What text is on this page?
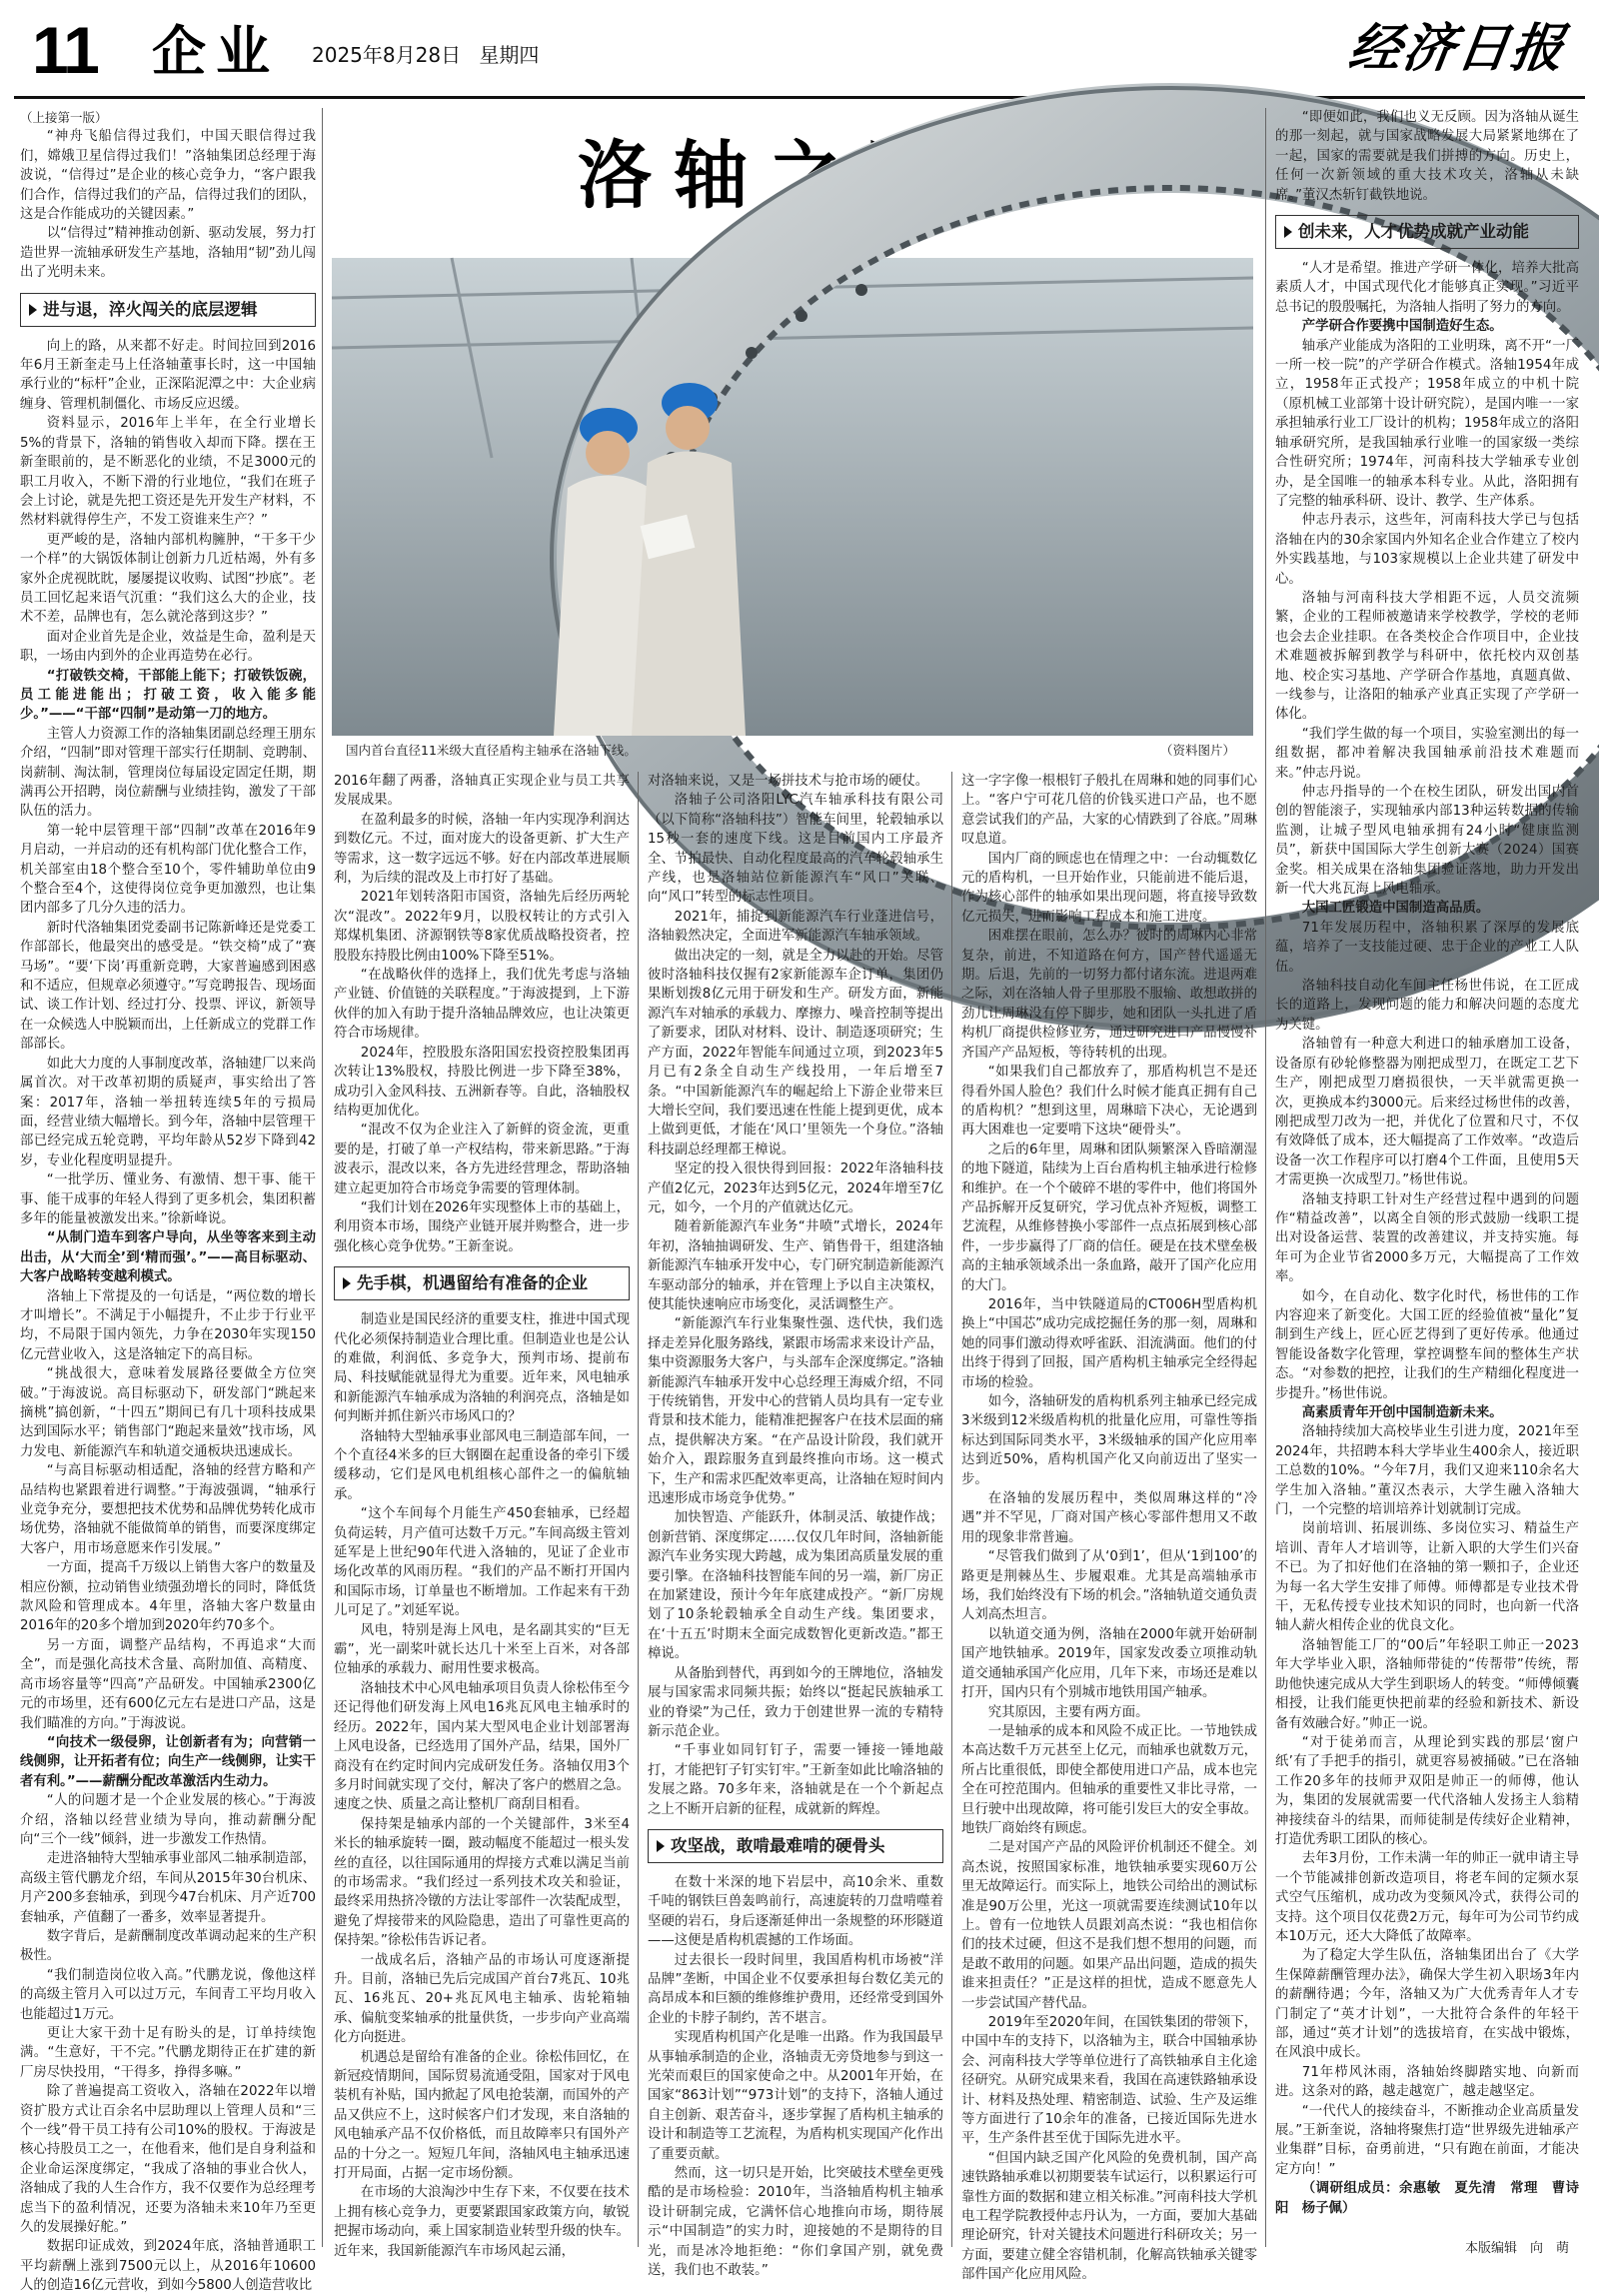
11 企业 2025年8月28日 星期四	经济日报

（上接第一版）

“神舟飞船信得过我们，中国天眼信得过我们，嫦娥卫星信得过我们！”洛轴集团总经理于海波说，“信得过”是企业的核心竞争力，“客户跟我们合作，信得过我们的产品，信得过我们的团队，这是合作能成功的关键因素。”

以“信得过”精神推动创新、驱动发展，努力打造世界一流轴承研发生产基地，洛轴用“韧”劲儿闯出了光明未来。

进与退，淬火闯关的底层逻辑

向上的路，从来都不好走。时间拉回到2016年6月王新奎走马上任洛轴董事长时，这一中国轴承行业的“标杆”企业，正深陷泥潭之中：大企业病缠身、管理机制僵化、市场反应迟缓。

资料显示，2016年上半年，在全行业增长5%的背景下，洛轴的销售收入却而下降。摆在王新奎眼前的，是不断恶化的业绩，不足3000元的职工月收入，不断下滑的行业地位，“我们在班子会上讨论，就是先把工资还是先开发生产材料，不然材料就得停生产，不发工资谁来生产？”

更严峻的是，洛轴内部机构臃肿，“干多干少一个样”的大锅饭体制让创新力几近枯竭，外有多家外企虎视眈眈，屡屡提议收购、试图“抄底”。老员工回忆起来语气沉重：“我们这么大的企业，技术不差，品牌也有，怎么就沦落到这步？”

面对企业首先是企业，效益是生命，盈利是天职，一场由内到外的企业再造势在必行。

“打破铁交椅，干部能上能下；打破铁饭碗，员工能进能出；打破工资，收入能多能少。”——“干部“四制”是动第一刀的地方。

主管人力资源工作的洛轴集团副总经理王朋东介绍，“四制”即对管理干部实行任期制、竞聘制、岗薪制、淘汰制，管理岗位每届设定固定任期，期满再公开招聘，岗位薪酬与业绩挂钩，激发了干部队伍的活力。

第一轮中层管理干部“四制”改革在2016年9月启动，一并启动的还有机构部门优化整合工作，机关部室由18个整合至10个，零件辅助单位由9个整合至4个，这使得岗位竞争更加激烈，也让集团内部多了几分久违的活力。

新时代洛轴集团党委副书记陈新峰还是党委工作部部长，他最突出的感受是。“铁交椅”成了“赛马场”。“要‘下岗’再重新竞聘，大家普遍感到困惑和不适应，但规章必须遵守。”写竞聘报告、现场面试、谈工作计划、经过打分、投票、评议，新领导在一众候选人中脱颖而出，上任新成立的党群工作部部长。

如此大力度的人事制度改革，洛轴建厂以来尚属首次。对干改革初期的质疑声，事实给出了答案：2017年，洛轴一举扭转连续5年的亏损局面，经营业绩大幅增长。到今年，洛轴中层管理干部已经完成五轮竞聘，平均年龄从52岁下降到42岁，专业化程度明显提升。

“一批学历、懂业务、有激情、想干事、能干事、能干成事的年轻人得到了更多机会，集团积蓄多年的能量被激发出来。”徐新峰说。

“从制门造车到客户导向，从坐等客来到主动出击，从‘大而全’到‘精而强’。”——高目标驱动、大客户战略转变越利模式。

洛轴上下常提及的一句话是，“两位数的增长才叫增长”。不满足于小幅提升，不止步于行业平均，不局限于国内领先，力争在2030年实现150亿元营业收入，这是洛轴定下的高目标。

“挑战很大，意味着发展路径要做全方位突破。”于海波说。高目标驱动下，研发部门“跳起来摘桃”搞创新，“十四五”期间已有几十项科技成果达到国际水平；销售部门“跑起来量效”找市场，风力发电、新能源汽车和轨道交通板块迅速成长。

“与高目标驱动相适配，洛轴的经营方略和产品结构也紧跟着进行调整。”于海波强调，“轴承行业竞争充分，要想把技术优势和品牌优势转化成市场优势，洛轴就不能做简单的销售，而要深度绑定大客户，用市场意愿来作引发展。”

一方面，提高千万级以上销售大客户的数量及相应份额，拉动销售业绩强劲增长的同时，降低货款风险和管理成本。4年里，洛轴大客户数量由2016年的20多个增加到2020年约70多个。

另一方面，调整产品结构，不再追求“大而全”，而是强化高技术含量、高附加值、高精度、高市场容量等“四高”产品研发。中国轴承2300亿元的市场里，还有600亿元左右是进口产品，这是我们瞄准的方向。”于海波说。

“向技术一级侵卵，让创新者有为；向营销一线侧卵，让开拓者有位；向生产一线侧卵，让实干者有利。”——薪酬分配改革激活内生动力。

“人的问题才是一个企业发展的核心。”于海波介绍，洛轴以经营业绩为导向，推动薪酬分配向“三个一线”倾斜，进一步激发工作热情。

走进洛轴特大型轴承事业部风二轴承制造部，高级主管代鹏龙介绍，车间从2015年30台机床、月产200多套轴承，到现今47台机床、月产近700套轴承，产值翻了一番多，效率显著提升。

数字背后，是薪酬制度改革调动起来的生产积极性。

“我们制造岗位收入高。”代鹏龙说，像他这样的高级主管月入可以过万元，车间青工平均月收入也能超过1万元。

更让大家干劲十足有盼头的是，订单持续饱满。“生意好，干不完。”代鹏龙期待正在扩建的新厂房尽快投用，“干得多，挣得多嘛。”

除了普遍提高工资收入，洛轴在2022年以增资扩股方式让百余名中层助理以上管理人员和“三个一线”骨干员工持有公司10%的股权。于海波是核心持股员工之一，在他看来，他们是自身利益和企业命运深度绑定，“我成了洛轴的事业合伙人，洛轴成了我的人生合作方，我不仅要作为总经理考虑当下的盈利情况，还要为洛轴未来10年乃至更久的发展操好舵。”

数据印证成效，到2024年底，洛轴普通职工平均薪酬上涨到7500元以上，从2016年10600人的创造16亿元营收，到如今5800人创造营收比

洛轴之路
国内首台直径11米级大直径盾构主轴承在洛轴下线。	（资料图片）

2016年翻了两番，洛轴真正实现企业与员工共享发展成果。

在盈利最多的时候，洛轴一年内实现净利润达到数亿元。不过，面对庞大的设备更新、扩大生产等需求，这一数字远远不够。好在内部改革进展顺利，为后续的混改及上市打好了基础。

2021年划转洛阳市国资，洛轴先后经历两轮次“混改”。2022年9月，以股权转让的方式引入郑煤机集团、济源钢铁等8家优质战略投资者，控股股东持股比例由100%下降至51%。

“在战略伙伴的选择上，我们优先考虑与洛轴产业链、价值链的关联程度。”于海波提到，上下游伙伴的加入有助于提升洛轴品牌效应，也让决策更符合市场规律。

2024年，控股股东洛阳国宏投资控股集团再次转让13%股权，持股比例进一步下降至38%，成功引入金风科技、五洲新春等。自此，洛轴股权结构更加优化。

“混改不仅为企业注入了新鲜的资金流，更重要的是，打破了单一产权结构，带来新思路。”于海波表示，混改以来，各方先进经营理念，帮助洛轴建立起更加符合市场竞争需要的管理体制。

“我们计划在2026年实现整体上市的基础上，利用资本市场，围绕产业链开展并购整合，进一步强化核心竞争优势。”王新奎说。

先手棋，机遇留给有准备的企业

制造业是国民经济的重要支柱，推进中国式现代化必须保持制造业合理比重。但制造业也是公认的难做，利润低、多竞争大，预判市场、提前布局、科技赋能就显得尤为重要。近年来，风电轴承和新能源汽车轴承成为洛轴的利润亮点，洛轴是如何判断并抓住新兴市场风口的？

洛轴特大型轴承事业部风电三制造部车间，一个个直径4米多的巨大钢圈在起重设备的牵引下缓缓移动，它们是风电机组核心部件之一的偏航轴承。

“这个车间每个月能生产450套轴承，已经超负荷运转，月产值可达数千万元。”车间高级主管刘延军是上世纪90年代进入洛轴的，见证了企业市场化改革的风雨历程。“我们的产品不断打开国内和国际市场，订单量也不断增加。工作起来有干劲儿可足了。”刘延军说。

风电，特别是海上风电，是名副其实的“巨无霸”，光一副桨叶就长达几十米至上百米，对各部位轴承的承载力、耐用性要求极高。

洛轴技术中心风电轴承项目负责人徐松伟至今还记得他们研发海上风电16兆瓦风电主轴承时的经历。2022年，国内某大型风电企业计划部署海上风电设备，已经选用了国外产品，结果，国外厂商没有在约定时间内完成研发任务。洛轴仅用3个多月时间就实现了交付，解决了客户的燃眉之急。速度之快、质量之高让整机厂商刮目相看。

保持架是轴承内部的一个关键部件，3米至4米长的轴承旋转一圈，跛动幅度不能超过一根头发丝的直径，以往国际通用的焊接方式难以满足当前的市场需求。“我们经过一系列技术攻关和验证，最终采用热挤冷镦的方法让零部件一次装配成型，避免了焊接带来的风险隐患，造出了可靠性更高的保持架。”徐松伟告诉记者。

一战成名后，洛轴产品的市场认可度逐渐提升。目前，洛轴已先后完成国产首台7兆瓦、10兆瓦、16兆瓦、20+兆瓦风电主轴承、齿轮箱轴承、偏航变桨轴承的批量供货，一步步向产业高端化方向挺进。

机遇总是留给有准备的企业。徐松伟回忆，在新冠疫情期间，国际贸易流通受阻，国家对于风电装机有补贴，国内掀起了风电抢装潮，而国外的产品又供应不上，这时候客户们才发现，来自洛轴的风电轴承产品不仅价格低，而且故障率只有国外产品的十分之一。短短几年间，洛轴风电主轴承迅速打开局面，占据一定市场份额。

在市场的大浪淘沙中生存下来，不仅要在技术上拥有核心竞争力，更要紧跟国家政策方向，敏锐把握市场动向，乘上国家制造业转型升级的快车。近年来，我国新能源汽车市场风起云涌，

对洛轴来说，又是一场拼技术与抢市场的硬仗。

洛轴子公司洛阳LYC汽车轴承科技有限公司（以下简称“洛轴科技”）智能车间里，轮毂轴承以15秒一套的速度下线。这是目前国内工序最齐全、节拍最快、自动化程度最高的汽车轮毂轴承生产线，也是洛轴站位新能源汽车“风口”关联、向“风口”转型的标志性项目。

2021年，捕捉到新能源汽车行业蓬进信号，洛轴毅然决定，全面进军新能源汽车轴承领域。

做出决定的一刻，就是全力以赴的开始。尽管彼时洛轴科技仅握有2家新能源车企订单，集团仍果断划拨8亿元用于研发和生产。研发方面，新能源汽车对轴承的承载力、摩擦力、噪音控制等提出了新要求，团队对材料、设计、制造逐项研究；生产方面，2022年智能车间通过立项，到2023年5月已有2条全自动生产线投用，一年后增至7条。“中国新能源汽车的崛起给上下游企业带来巨大增长空间，我们要迅速在性能上提到更优，成本上做到更低，才能在‘风口’里领先一个身位。”洛轴科技副总经理都王樟说。

坚定的投入很快得到回报：2022年洛轴科技产值2亿元，2023年达到5亿元，2024年增至7亿元，如今，一个月的产值就达亿元。

随着新能源汽车业务“井喷”式增长，2024年年初，洛轴抽调研发、生产、销售骨干，组建洛轴新能源汽车轴承开发中心，专门研究制造新能源汽车驱动部分的轴承，并在管理上予以自主决策权，使其能快速响应市场变化，灵活调整生产。

“新能源汽车行业集聚性强、迭代快，我们选择走差异化服务路线，紧跟市场需求来设计产品，集中资源服务大客户，与头部车企深度绑定。”洛轴新能源汽车轴承开发中心总经理王海威介绍，不同于传统销售，开发中心的营销人员均具有一定专业背景和技术能力，能精准把握客户在技术层面的痛点，提供解决方案。“在产品设计阶段，我们就开始介入，跟踪服务直到最终推向市场。这一模式下，生产和需求匹配效率更高，让洛轴在短时间内迅速形成市场竞争优势。”

加快智造、产能跃升，体制灵活、敏捷作战；创新营销、深度绑定……仅仅几年时间，洛轴新能源汽车业务实现大跨越，成为集团高质量发展的重要引擎。在洛轴科技智能车间的另一端，新厂房正在加紧建设，预计今年年底建成投产。“新厂房规划了10条轮毂轴承全自动生产线。集团要求，在‘十五五’时期末全面完成数智化更新改造。”都王樟说。

从备胎到替代，再到如今的王牌地位，洛轴发展与国家需求同频共振；始终以“挺起民族轴承工业的脊梁”为己任，致力于创建世界一流的专精特新示范企业。

“千事业如同钉钉子，需要一锤接一锤地敲打，才能把钉子钉实钉牢。”王新奎如此比喻洛轴的发展之路。70多年来，洛轴就是在一个个新起点之上不断开启新的征程，成就新的辉煌。

攻坚战，敢啃最难啃的硬骨头

在数十米深的地下岩层中，高10余米、重数千吨的钢铁巨兽轰鸣前行，高速旋转的刀盘啃噬着坚硬的岩石，身后逐渐延伸出一条规整的环形隧道——这便是盾构机震撼的工作场面。

过去很长一段时间里，我国盾构机市场被“洋品牌”垄断，中国企业不仅要承担每台数亿美元的高昂成本和巨额的维修维护费用，还经常受到国外企业的卡脖子制约，苦不堪言。

实现盾构机国产化是唯一出路。作为我国最早从事轴承制造的企业，洛轴责无旁贷地参与到这一光荣而艰巨的国家使命之中。从2001年开始，在国家“863计划”“973计划”的支持下，洛轴人通过自主创新、艰苦奋斗，逐步掌握了盾构机主轴承的设计和制造等工艺流程，为盾构机实现国产化作出了重要贡献。

然而，这一切只是开始，比突破技术壁垒更残酷的是市场检验：2010年，当洛轴盾构机主轴承设计研制完成，它满怀信心地推向市场，期待展示“中国制造”的实力时，迎接她的不是期待的目光，而是冰冷地拒绝：“你们拿国产别，就免费送，我们也不敢装。”

这一字字像一根根钉子般扎在周琳和她的同事们心上。“客户宁可花几倍的价钱买进口产品，也不愿意尝试我们的产品，大家的心情跌到了谷底。”周琳叹息道。

国内厂商的顾虑也在情理之中：一台动辄数亿元的盾构机，一旦开始作业，只能前进不能后退，作为核心部件的轴承如果出现问题，将直接导致数亿元损失，进而影响工程成本和施工进度。

困难摆在眼前，怎么办？彼时的周琳内心非常复杂，前进，不知道路在何方，国产替代遥遥无期。后退，先前的一切努力都付诸东流。进退两难之际，刘在洛轴人骨子里那股不服输、敢想敢拼的劲儿让周琳没有停下脚步，她和团队一头扎进了盾构机厂商提供检修业务，通过研究进口产品慢慢补齐国产产品短板，等待转机的出现。

“如果我们自己都放弃了，那盾构机岂不是还得看外国人脸色？我们什么时候才能真正拥有自己的盾构机？”想到这里，周琳暗下决心，无论遇到再大困难也一定要啃下这块“硬骨头”。

之后的6年里，周琳和团队频繁深入昏暗潮湿的地下隧道，陆续为上百台盾构机主轴承进行检修和维护。在一个个破碎不堪的零件中，他们将国外产品拆解开反复研究，学习优点补齐短板，调整工艺流程，从维修替换小零部件一点点拓展到核心部件，一步步赢得了厂商的信任。硬是在技术壁垒极高的主轴承领域杀出一条血路，敲开了国产化应用的大门。

2016年，当中铁隧道局的CT006H型盾构机换上“中国芯”成功完成挖掘任务的那一刻，周琳和她的同事们激动得欢呼雀跃、泪流满面。他们的付出终于得到了回报，国产盾构机主轴承完全经得起市场的检验。

如今，洛轴研发的盾构机系列主轴承已经完成3米级到12米级盾构机的批量化应用，可靠性等指标达到国际同类水平，3米级轴承的国产化应用率达到近50%，盾构机国产化又向前迈出了坚实一步。

在洛轴的发展历程中，类似周琳这样的“冷遇”并不罕见，厂商对国产核心零部件想用又不敢用的现象非常普遍。

“尽管我们做到了从‘0到1’，但从‘1到100’的路更是荆棘丛生、步履艰难。尤其是高端轴承市场，我们始终没有下场的机会。”洛轴轨道交通负责人刘高杰坦言。

以轨道交通为例，洛轴在2000年就开始研制国产地铁轴承。2019年，国家发改委立项推动轨道交通轴承国产化应用，几年下来，市场还是难以打开，国内只有个别城市地铁用国产轴承。

究其原因，主要有两方面。

一是轴承的成本和风险不成正比。一节地铁成本高达数千万元甚至上亿元，而轴承也就数万元，所占比重很低，即使全都使用进口产品，成本也完全在可控范围内。但轴承的重要性又非比寻常，一旦行驶中出现故障，将可能引发巨大的安全事故。地铁厂商始终有顾虑。

二是对国产产品的风险评价机制还不健全。刘高杰说，按照国家标准，地铁轴承要实现60万公里无故障运行。而实际上，地铁公司给出的测试标准是90万公里，光这一项就需要连续测试10年以上。曾有一位地铁人员跟刘高杰说：“我也相信你们的技术过硬，但这不是我们想不想用的问题，而是敢不敢用的问题。如果产品出问题，造成的损失谁来担责任？”正是这样的担忧，造成不愿意先人一步尝试国产替代品。

2019年至2020年间，在国铁集团的带领下，中国中车的支持下，以洛轴为主，联合中国轴承协会、河南科技大学等单位进行了高铁轴承自主化途径研究。从研究成果来看，我国在高速铁路轴承设计、材料及热处理、精密制造、试验、生产及运维等方面进行了10余年的准备，已接近国际先进水平，生产条件甚至优于国际先进水平。

“但国内缺乏国产化风险的免费机制，国产高速铁路轴承难以初期要装车试运行，以积累运行可靠性方面的数据和建立相关标准。”河南科技大学机电工程学院教授仲志丹认为，一方面，要加大基础理论研究，针对关键技术问题进行科研攻关；另一方面，要建立健全容错机制，化解高铁轴承关键零部件国产化应用风险。

“即便如此，我们也义无反顾。因为洛轴从诞生的那一刻起，就与国家战略发展大局紧紧地绑在了一起，国家的需要就是我们拼搏的方向。历史上，任何一次新领域的重大技术攻关，洛轴从未缺席。”董汉杰斩钉截铁地说。

创未来，人才优势成就产业动能

“人才是希望。推进产学研一体化，培养大批高素质人才，中国式现代化才能够真正实现。”习近平总书记的殷殷嘱托，为洛轴人指明了努力的方向。

产学研合作要携中国制造好生态。

轴承产业能成为洛阳的工业明珠，离不开“一厂一所一校一院”的产学研合作模式。洛轴1954年成立，1958年正式投产；1958年成立的中机十院（原机械工业部第十设计研究院），是国内唯一一家承担轴承行业工厂设计的机构；1958年成立的洛阳轴承研究所，是我国轴承行业唯一的国家级一类综合性研究所；1974年，河南科技大学轴承专业创办，是全国唯一的轴承本科专业。从此，洛阳拥有了完整的轴承科研、设计、教学、生产体系。

仲志丹表示，这些年，河南科技大学已与包括洛轴在内的30余家国内外知名企业合作建立了校内外实践基地，与103家规模以上企业共建了研发中心。

洛轴与河南科技大学相距不远，人员交流频繁，企业的工程师被邀请来学校教学，学校的老师也会去企业挂职。在各类校企合作项目中，企业技术难题被拆解到教学与科研中，依托校内双创基地、校企实习基地、产学研合作基地，真题真做、一线参与，让洛阳的轴承产业真正实现了产学研一体化。

“我们学生做的每一个项目，实验室测出的每一组数据，都冲着解决我国轴承前沿技术难题而来。”仲志丹说。

仲志丹指导的一个在校生团队，研发出国内首创的智能滚子，实现轴承内部13种运转数据的传输监测，让城子型风电轴承拥有24小时“健康监测员”，新获中国国际大学生创新大赛（2024）国赛金奖。相关成果在洛轴集团验证落地，助力开发出新一代大兆瓦海上风电轴承。

大国工匠锻造中国制造高品质。

71年发展历程中，洛轴积累了深厚的发展底蕴，培养了一支技能过硬、忠于企业的产业工人队伍。

洛轴科技自动化车间主任杨世伟说，在工匠成长的道路上，发现问题的能力和解决问题的态度尤为关键。

洛轴曾有一种意大利进口的轴承磨加工设备，设备原有砂轮修整器为刚把成型刀，在既定工艺下生产，刚把成型刀磨损很快，一天半就需更换一次，更换成本约3000元。后来经过杨世伟的改善，刚把成型刀改为一把，并优化了位置和尺寸，不仅有效降低了成本，还大幅提高了工作效率。“改造后设备一次工作程序可以打磨4个工件面，且使用5天才需更换一次成型刀。”杨世伟说。

洛轴支持职工针对生产经营过程中遇到的问题作“精益改善”，以离全自领的形式鼓励一线职工提出对设备运营、装置的改善建议，并支持实施。每年可为企业节省2000多万元，大幅提高了工作效率。

如今，在自动化、数字化时代，杨世伟的工作内容迎来了新变化。大国工匠的经验值被“量化”复制到生产线上，匠心匠艺得到了更好传承。他通过智能设备数字化管理，掌控调整车间的整体生产状态。“对参数的把控，让我们的生产精细化程度进一步提升。”杨世伟说。

高素质青年开创中国制造新未来。

洛轴持续加大高校毕业生引进力度，2021年至2024年，共招聘本科大学毕业生400余人，接近职工总数的10%。“今年7月，我们又迎来110余名大学生加入洛轴。”董汉杰表示，大学生融入洛轴大门，一个完整的培训培养计划就制订完成。

岗前培训、拓展训练、多岗位实习、精益生产培训、青年人才培训等，让新入职的大学生们兴奋不已。为了扣好他们在洛轴的第一颗扣子，企业还为每一名大学生安排了师傅。师傅都是专业技术骨干，无私传授专业技术知识的同时，也向新一代洛轴人薪火相传企业的优良文化。

洛轴智能工厂的“00后”年轻职工帅正一2023年大学毕业入职，洛轴师带徒的“传帮带”传统，帮助他快速完成从大学生到职场人的转变。“师傅倾囊相授，让我们能更快把前辈的经验和新技术、新设备有效融合好。”帅正一说。

“对于徒弟而言，从理论到实践的那层‘窗户纸’有了手把手的指引，就更容易被捅破。”已在洛轴工作20多年的技师尹双阳是帅正一的师傅，他认为，集团的发展就需要一代代洛轴人发扬主人翁精神接续奋斗的结果，而师徒制是传续好企业精神，打造优秀职工团队的核心。

去年3月份，工作未满一年的帅正一就申请主导一个节能减排创新改造项目，将老车间的定频水泵式空气压缩机，成功改为变频风冷式，获得公司的支持。这个项目仅花费2万元，每年可为公司节约成本10万元，还大大降低了故障率。

为了稳定大学生队伍，洛轴集团出台了《大学生保障薪酬管理办法》，确保大学生初入职场3年内的薪酬待遇；今年，洛轴又为广大优秀青年人才专门制定了“英才计划”，一大批符合条件的年轻干部，通过“英才计划”的选拔培育，在实战中锻炼，在风浪中成长。

71年栉风沐雨，洛轴始终脚踏实地、向新而进。这条对的路，越走越宽广，越走越坚定。

“一代代人的接续奋斗，不断推动企业高质量发展。”王新奎说，洛轴将聚焦打造“世界级先进轴承产业集群”目标，奋勇前进，“只有跑在前面，才能决定方向！”

（调研组成员：余惠敏　夏先清　常理　曹诗阳　杨子佩）

本版编辑　向　萌
